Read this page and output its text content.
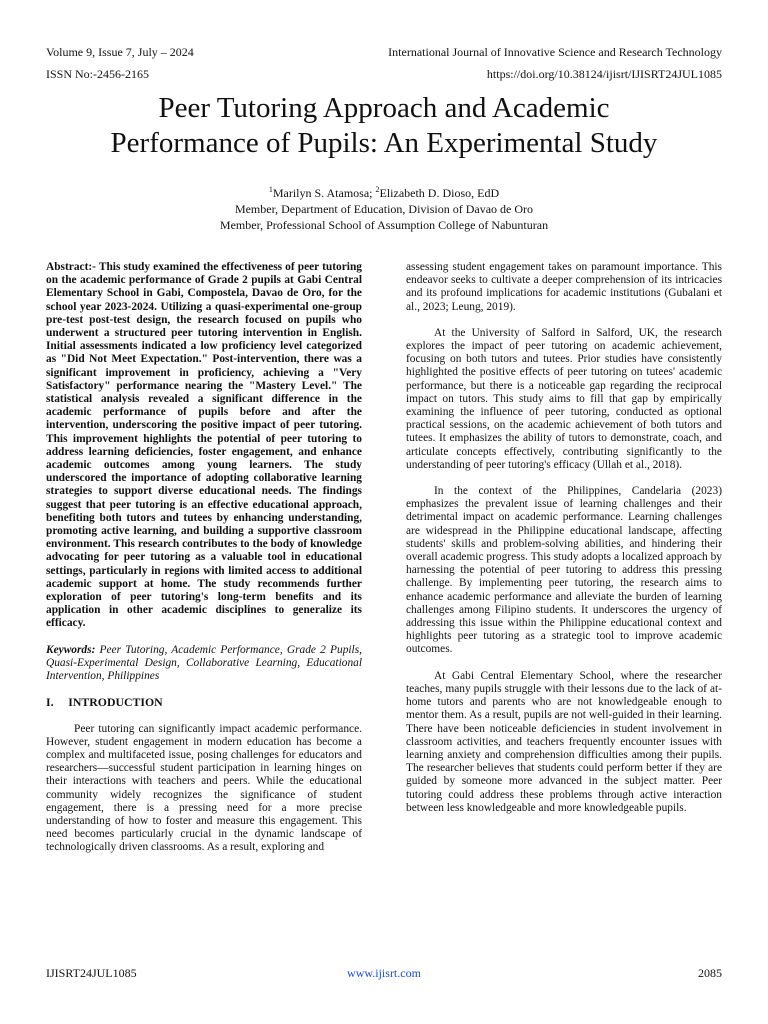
Volume 9, Issue 7, July – 2024	International Journal of Innovative Science and Research Technology
ISSN No:-2456-2165	https://doi.org/10.38124/ijisrt/IJISRT24JUL1085
Peer Tutoring Approach and Academic
Performance of Pupils: An Experimental Study
$^1$Marilyn S. Atamosa; $^2$Elizabeth D. Dioso, EdD
Member, Department of Education, Division of Davao de Oro
Member, Professional School of Assumption College of Nabunturan

Abstract:- This study examined the effectiveness of peer tutoring on the academic performance of Grade 2 pupils at Gabi Central Elementary School in Gabi, Compostela, Davao de Oro, for the school year 2023-2024. Utilizing a quasi-experimental one-group pre-test post-test design, the research focused on pupils who underwent a structured peer tutoring intervention in English. Initial assessments indicated a low proficiency level categorized as "Did Not Meet Expectation." Post-intervention, there was a significant improvement in proficiency, achieving a "Very Satisfactory" performance nearing the "Mastery Level." The statistical analysis revealed a significant difference in the academic performance of pupils before and after the intervention, underscoring the positive impact of peer tutoring. This improvement highlights the potential of peer tutoring to address learning deficiencies, foster engagement, and enhance academic outcomes among young learners. The study underscored the importance of adopting collaborative learning strategies to support diverse educational needs. The findings suggest that peer tutoring is an effective educational approach, benefiting both tutors and tutees by enhancing understanding, promoting active learning, and building a supportive classroom environment. This research contributes to the body of knowledge advocating for peer tutoring as a valuable tool in educational settings, particularly in regions with limited access to additional academic support at home. The study recommends further exploration of peer tutoring's long-term benefits and its application in other academic disciplines to generalize its efficacy.

Keywords: Peer Tutoring, Academic Performance, Grade 2 Pupils, Quasi-Experimental Design, Collaborative Learning, Educational Intervention, Philippines

I.     INTRODUCTION

Peer tutoring can significantly impact academic performance. However, student engagement in modern education has become a complex and multifaceted issue, posing challenges for educators and researchers—successful student participation in learning hinges on their interactions with teachers and peers. While the educational community widely recognizes the significance of student engagement, there is a pressing need for a more precise understanding of how to foster and measure this engagement. This need becomes particularly crucial in the dynamic landscape of technologically driven classrooms. As a result, exploring and

assessing student engagement takes on paramount importance. This endeavor seeks to cultivate a deeper comprehension of its intricacies and its profound implications for academic institutions (Gubalani et al., 2023; Leung, 2019).

At the University of Salford in Salford, UK, the research explores the impact of peer tutoring on academic achievement, focusing on both tutors and tutees. Prior studies have consistently highlighted the positive effects of peer tutoring on tutees' academic performance, but there is a noticeable gap regarding the reciprocal impact on tutors. This study aims to fill that gap by empirically examining the influence of peer tutoring, conducted as optional practical sessions, on the academic achievement of both tutors and tutees. It emphasizes the ability of tutors to demonstrate, coach, and articulate concepts effectively, contributing significantly to the understanding of peer tutoring's efficacy (Ullah et al., 2018).

In the context of the Philippines, Candelaria (2023) emphasizes the prevalent issue of learning challenges and their detrimental impact on academic performance. Learning challenges are widespread in the Philippine educational landscape, affecting students' skills and problem-solving abilities, and hindering their overall academic progress. This study adopts a localized approach by harnessing the potential of peer tutoring to address this pressing challenge. By implementing peer tutoring, the research aims to enhance academic performance and alleviate the burden of learning challenges among Filipino students. It underscores the urgency of addressing this issue within the Philippine educational context and highlights peer tutoring as a strategic tool to improve academic outcomes.

At Gabi Central Elementary School, where the researcher teaches, many pupils struggle with their lessons due to the lack of at-home tutors and parents who are not knowledgeable enough to mentor them. As a result, pupils are not well-guided in their learning. There have been noticeable deficiencies in student involvement in classroom activities, and teachers frequently encounter issues with learning anxiety and comprehension difficulties among their pupils. The researcher believes that students could perform better if they are guided by someone more advanced in the subject matter. Peer tutoring could address these problems through active interaction between less knowledgeable and more knowledgeable pupils.

IJISRT24JUL1085	www.ijisrt.com	2085
